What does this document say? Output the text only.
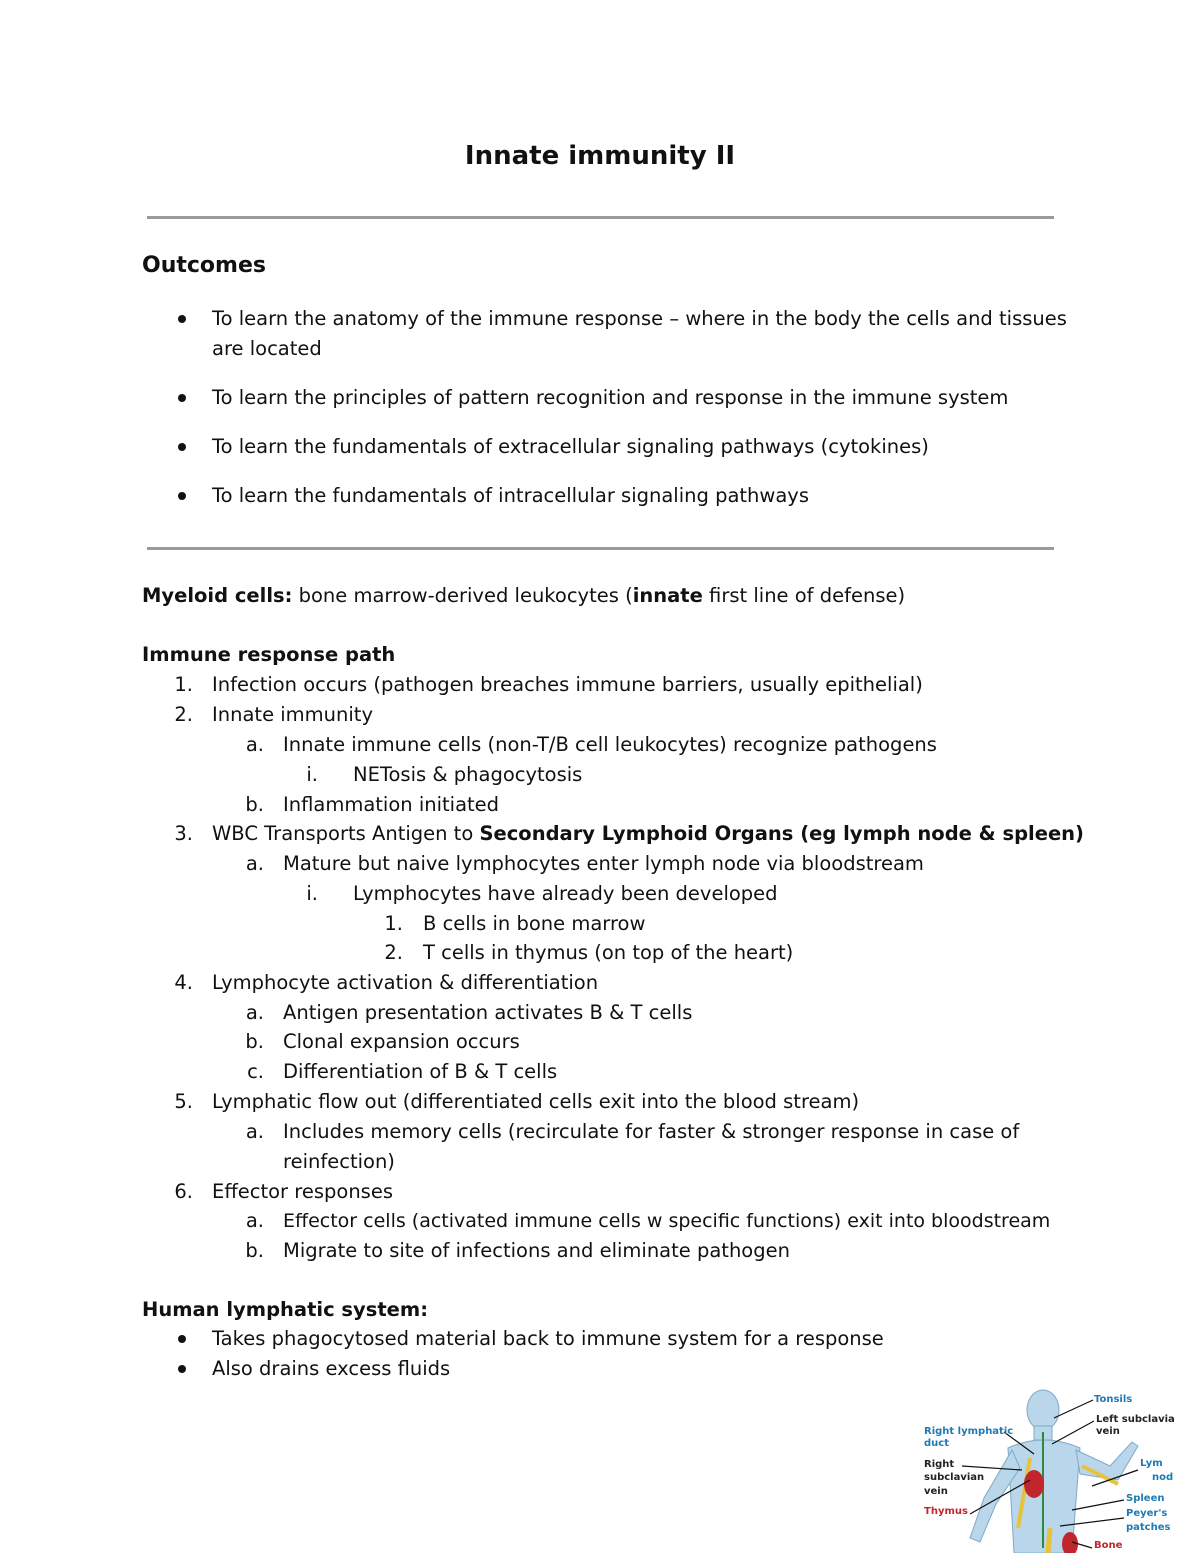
Innate immunity II
Outcomes
To learn the anatomy of the immune response – where in the body the cells and tissues
are located
To learn the principles of pattern recognition and response in the immune system
To learn the fundamentals of extracellular signaling pathways (cytokines)
To learn the fundamentals of intracellular signaling pathways
Myeloid cells: bone marrow-derived leukocytes (innate first line of defense)
Immune response path
1. Infection occurs (pathogen breaches immune barriers, usually epithelial)
2. Innate immunity
a. Innate immune cells (non-T/B cell leukocytes) recognize pathogens
i. NETosis & phagocytosis
b. Inflammation initiated
3. WBC Transports Antigen to Secondary Lymphoid Organs (eg lymph node & spleen)
a. Mature but naive lymphocytes enter lymph node via bloodstream
i. Lymphocytes have already been developed
1. B cells in bone marrow
2. T cells in thymus (on top of the heart)
4. Lymphocyte activation & differentiation
a. Antigen presentation activates B & T cells
b. Clonal expansion occurs
c. Differentiation of B & T cells
5. Lymphatic flow out (differentiated cells exit into the blood stream)
a. Includes memory cells (recirculate for faster & stronger response in case of
reinfection)
6. Effector responses
a. Effector cells (activated immune cells w specific functions) exit into bloodstream
b. Migrate to site of infections and eliminate pathogen
Human lymphatic system:
Takes phagocytosed material back to immune system for a response
Also drains excess fluids
Tonsils
Left subclavia
vein
Right lymphatic
duct
Right
subclavian
vein
Lym
nod
Spleen
Peyer's
patches
Thymus
Bone
